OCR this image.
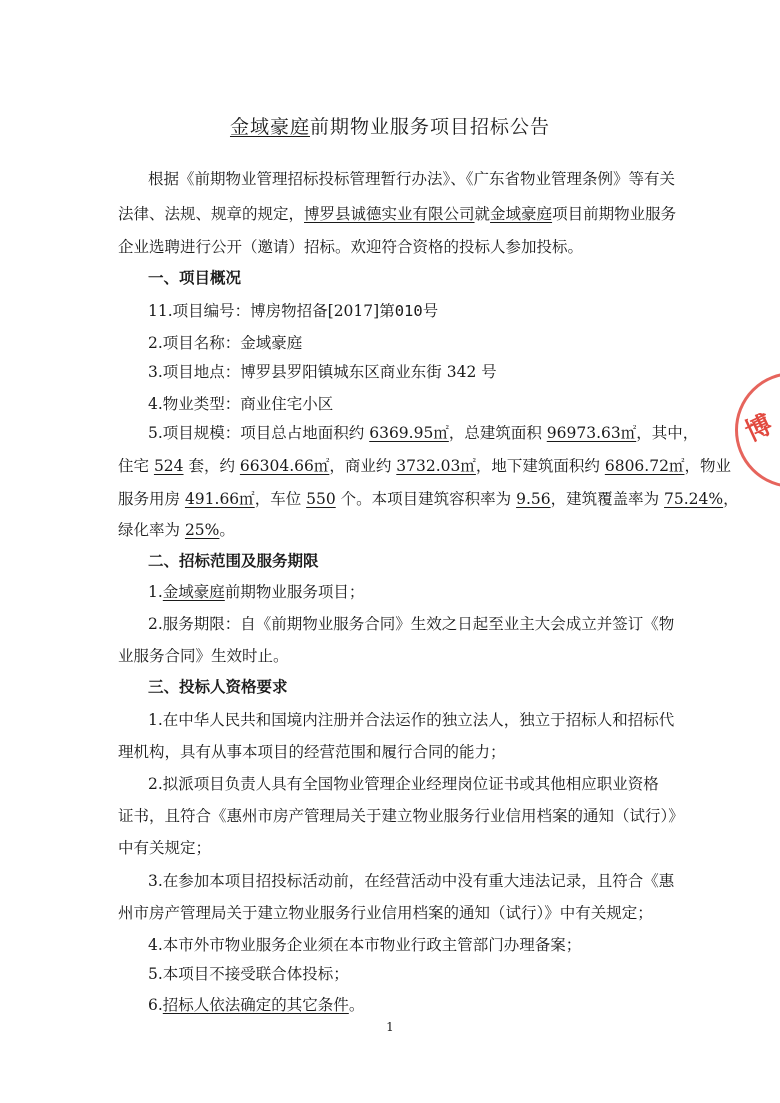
金域豪庭前期物业服务项目招标公告
根据《前期物业管理招标投标管理暂行办法》、《广东省物业管理条例》等有关
法律、法规、规章的规定，博罗县诚德实业有限公司就金域豪庭项目前期物业服务
企业选聘进行公开（邀请）招标。欢迎符合资格的投标人参加投标。
一、项目概况
11.项目编号：博房物招备[2017]第010号
2.项目名称：金域豪庭
3.项目地点：博罗县罗阳镇城东区商业东街 342 号
4.物业类型：商业住宅小区
5.项目规模：项目总占地面积约 6369.95㎡，总建筑面积 96973.63㎡，其中，
住宅 524 套，约 66304.66㎡，商业约 3732.03㎡，地下建筑面积约 6806.72㎡，物业
服务用房 491.66㎡，车位 550 个。本项目建筑容积率为 9.56，建筑覆盖率为 75.24%，
绿化率为 25%。
二、招标范围及服务期限
1.金域豪庭前期物业服务项目；
2.服务期限：自《前期物业服务合同》生效之日起至业主大会成立并签订《物
业服务合同》生效时止。
三、投标人资格要求
1.在中华人民共和国境内注册并合法运作的独立法人，独立于招标人和招标代
理机构，具有从事本项目的经营范围和履行合同的能力；
2.拟派项目负责人具有全国物业管理企业经理岗位证书或其他相应职业资格
证书，且符合《惠州市房产管理局关于建立物业服务行业信用档案的通知（试行）》
中有关规定；
3.在参加本项目招投标活动前，在经营活动中没有重大违法记录，且符合《惠
州市房产管理局关于建立物业服务行业信用档案的通知（试行）》中有关规定；
4.本市外市物业服务企业须在本市物业行政主管部门办理备案；
5.本项目不接受联合体投标；
6.招标人依法确定的其它条件。
1
博
